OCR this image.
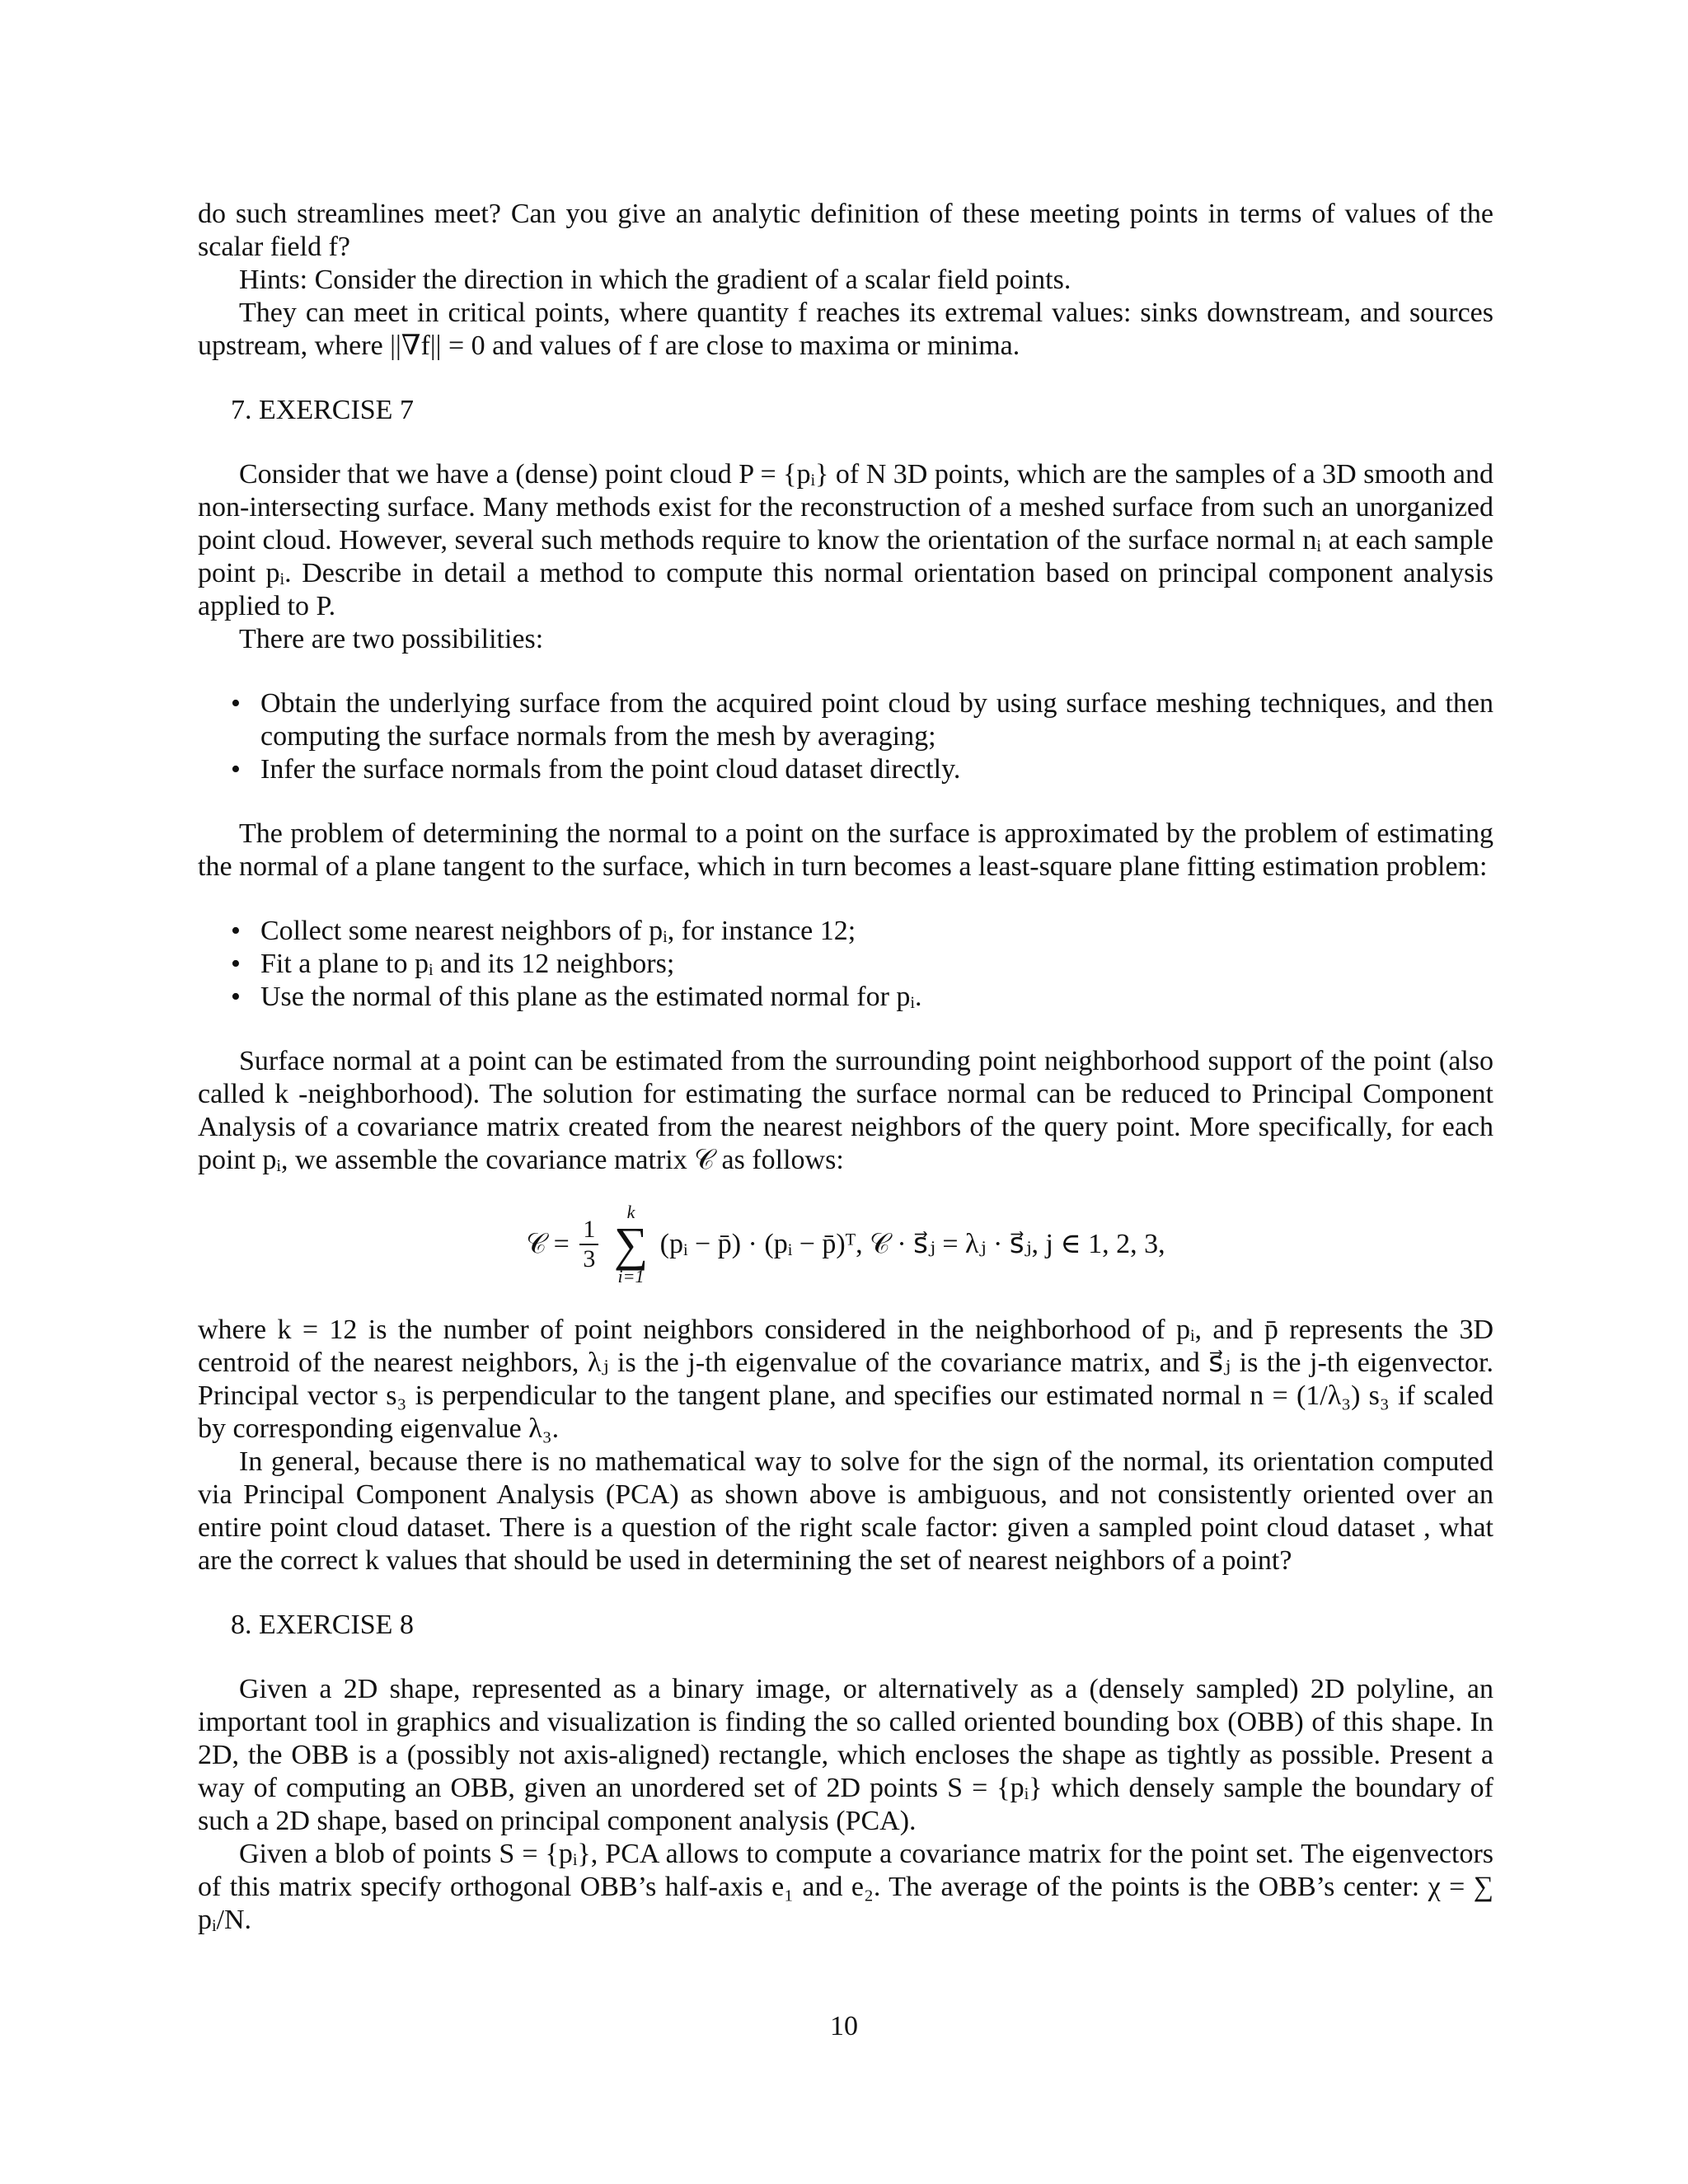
do such streamlines meet? Can you give an analytic definition of these meeting points in terms of values of the scalar field f?

Hints: Consider the direction in which the gradient of a scalar field points.

They can meet in critical points, where quantity f reaches its extremal values: sinks downstream, and sources upstream, where ||∇f|| = 0 and values of f are close to maxima or minima.

7. EXERCISE 7

Consider that we have a (dense) point cloud P = {pᵢ} of N 3D points, which are the samples of a 3D smooth and non-intersecting surface. Many methods exist for the reconstruction of a meshed surface from such an unorganized point cloud. However, several such methods require to know the orientation of the surface normal nᵢ at each sample point pᵢ. Describe in detail a method to compute this normal orientation based on principal component analysis applied to P.

There are two possibilities:

• Obtain the underlying surface from the acquired point cloud by using surface meshing techniques, and then computing the surface normals from the mesh by averaging;
• Infer the surface normals from the point cloud dataset directly.

The problem of determining the normal to a point on the surface is approximated by the problem of estimating the normal of a plane tangent to the surface, which in turn becomes a least-square plane fitting estimation problem:

• Collect some nearest neighbors of pᵢ, for instance 12;
• Fit a plane to pᵢ and its 12 neighbors;
• Use the normal of this plane as the estimated normal for pᵢ.

Surface normal at a point can be estimated from the surrounding point neighborhood support of the point (also called k -neighborhood). The solution for estimating the surface normal can be reduced to Principal Component Analysis of a covariance matrix created from the nearest neighbors of the query point. More specifically, for each point pᵢ, we assemble the covariance matrix 𝒞 as follows:

𝒞 = $\frac{1}{3}$

k
∑
i=1
(pᵢ − p̄) · (pᵢ − p̄)ᵀ, 𝒞 · s⃗ⱼ = λⱼ · s⃗ⱼ, j ∈ 1, 2, 3,

where k = 12 is the number of point neighbors considered in the neighborhood of pᵢ, and p̄ represents the 3D centroid of the nearest neighbors, λⱼ is the j-th eigenvalue of the covariance matrix, and s⃗ⱼ is the j-th eigenvector. Principal vector s₃ is perpendicular to the tangent plane, and specifies our estimated normal n = (1/λ₃) s₃ if scaled by corresponding eigenvalue λ₃.

In general, because there is no mathematical way to solve for the sign of the normal, its orientation computed via Principal Component Analysis (PCA) as shown above is ambiguous, and not consistently oriented over an entire point cloud dataset. There is a question of the right scale factor: given a sampled point cloud dataset , what are the correct k values that should be used in determining the set of nearest neighbors of a point?

8. EXERCISE 8

Given a 2D shape, represented as a binary image, or alternatively as a (densely sampled) 2D polyline, an important tool in graphics and visualization is finding the so called oriented bounding box (OBB) of this shape. In 2D, the OBB is a (possibly not axis-aligned) rectangle, which encloses the shape as tightly as possible. Present a way of computing an OBB, given an unordered set of 2D points S = {pᵢ} which densely sample the boundary of such a 2D shape, based on principal component analysis (PCA).

Given a blob of points S = {pᵢ}, PCA allows to compute a covariance matrix for the point set. The eigenvectors of this matrix specify orthogonal OBB’s half-axis e₁ and e₂. The average of the points is the OBB’s center: χ = ∑ pᵢ/N.

10
